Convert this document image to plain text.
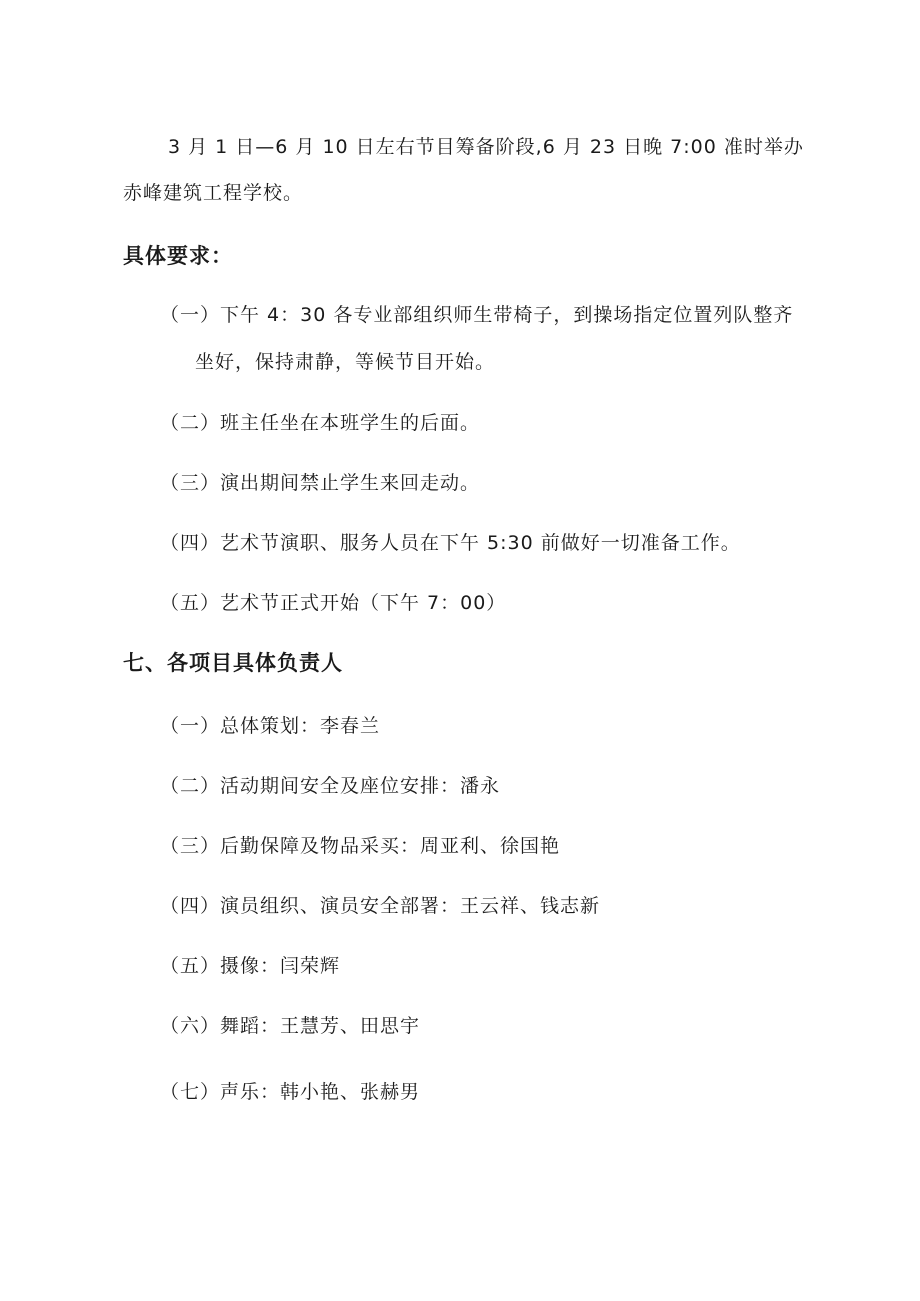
3 月 1 日—6 月 10 日左右节目筹备阶段,6 月 23 日晚 7:00 准时举办
赤峰建筑工程学校。
具体要求：
（一）下午 4：30 各专业部组织师生带椅子，到操场指定位置列队整齐
坐好，保持肃静，等候节目开始。
（二）班主任坐在本班学生的后面。
（三）演出期间禁止学生来回走动。
（四）艺术节演职、服务人员在下午 5:30 前做好一切准备工作。
（五）艺术节正式开始（下午 7：00）
七、各项目具体负责人
（一）总体策划：李春兰
（二）活动期间安全及座位安排：潘永
（三）后勤保障及物品采买：周亚利、徐国艳
（四）演员组织、演员安全部署：王云祥、钱志新
（五）摄像：闫荣辉
（六）舞蹈：王慧芳、田思宇
（七）声乐：韩小艳、张赫男
